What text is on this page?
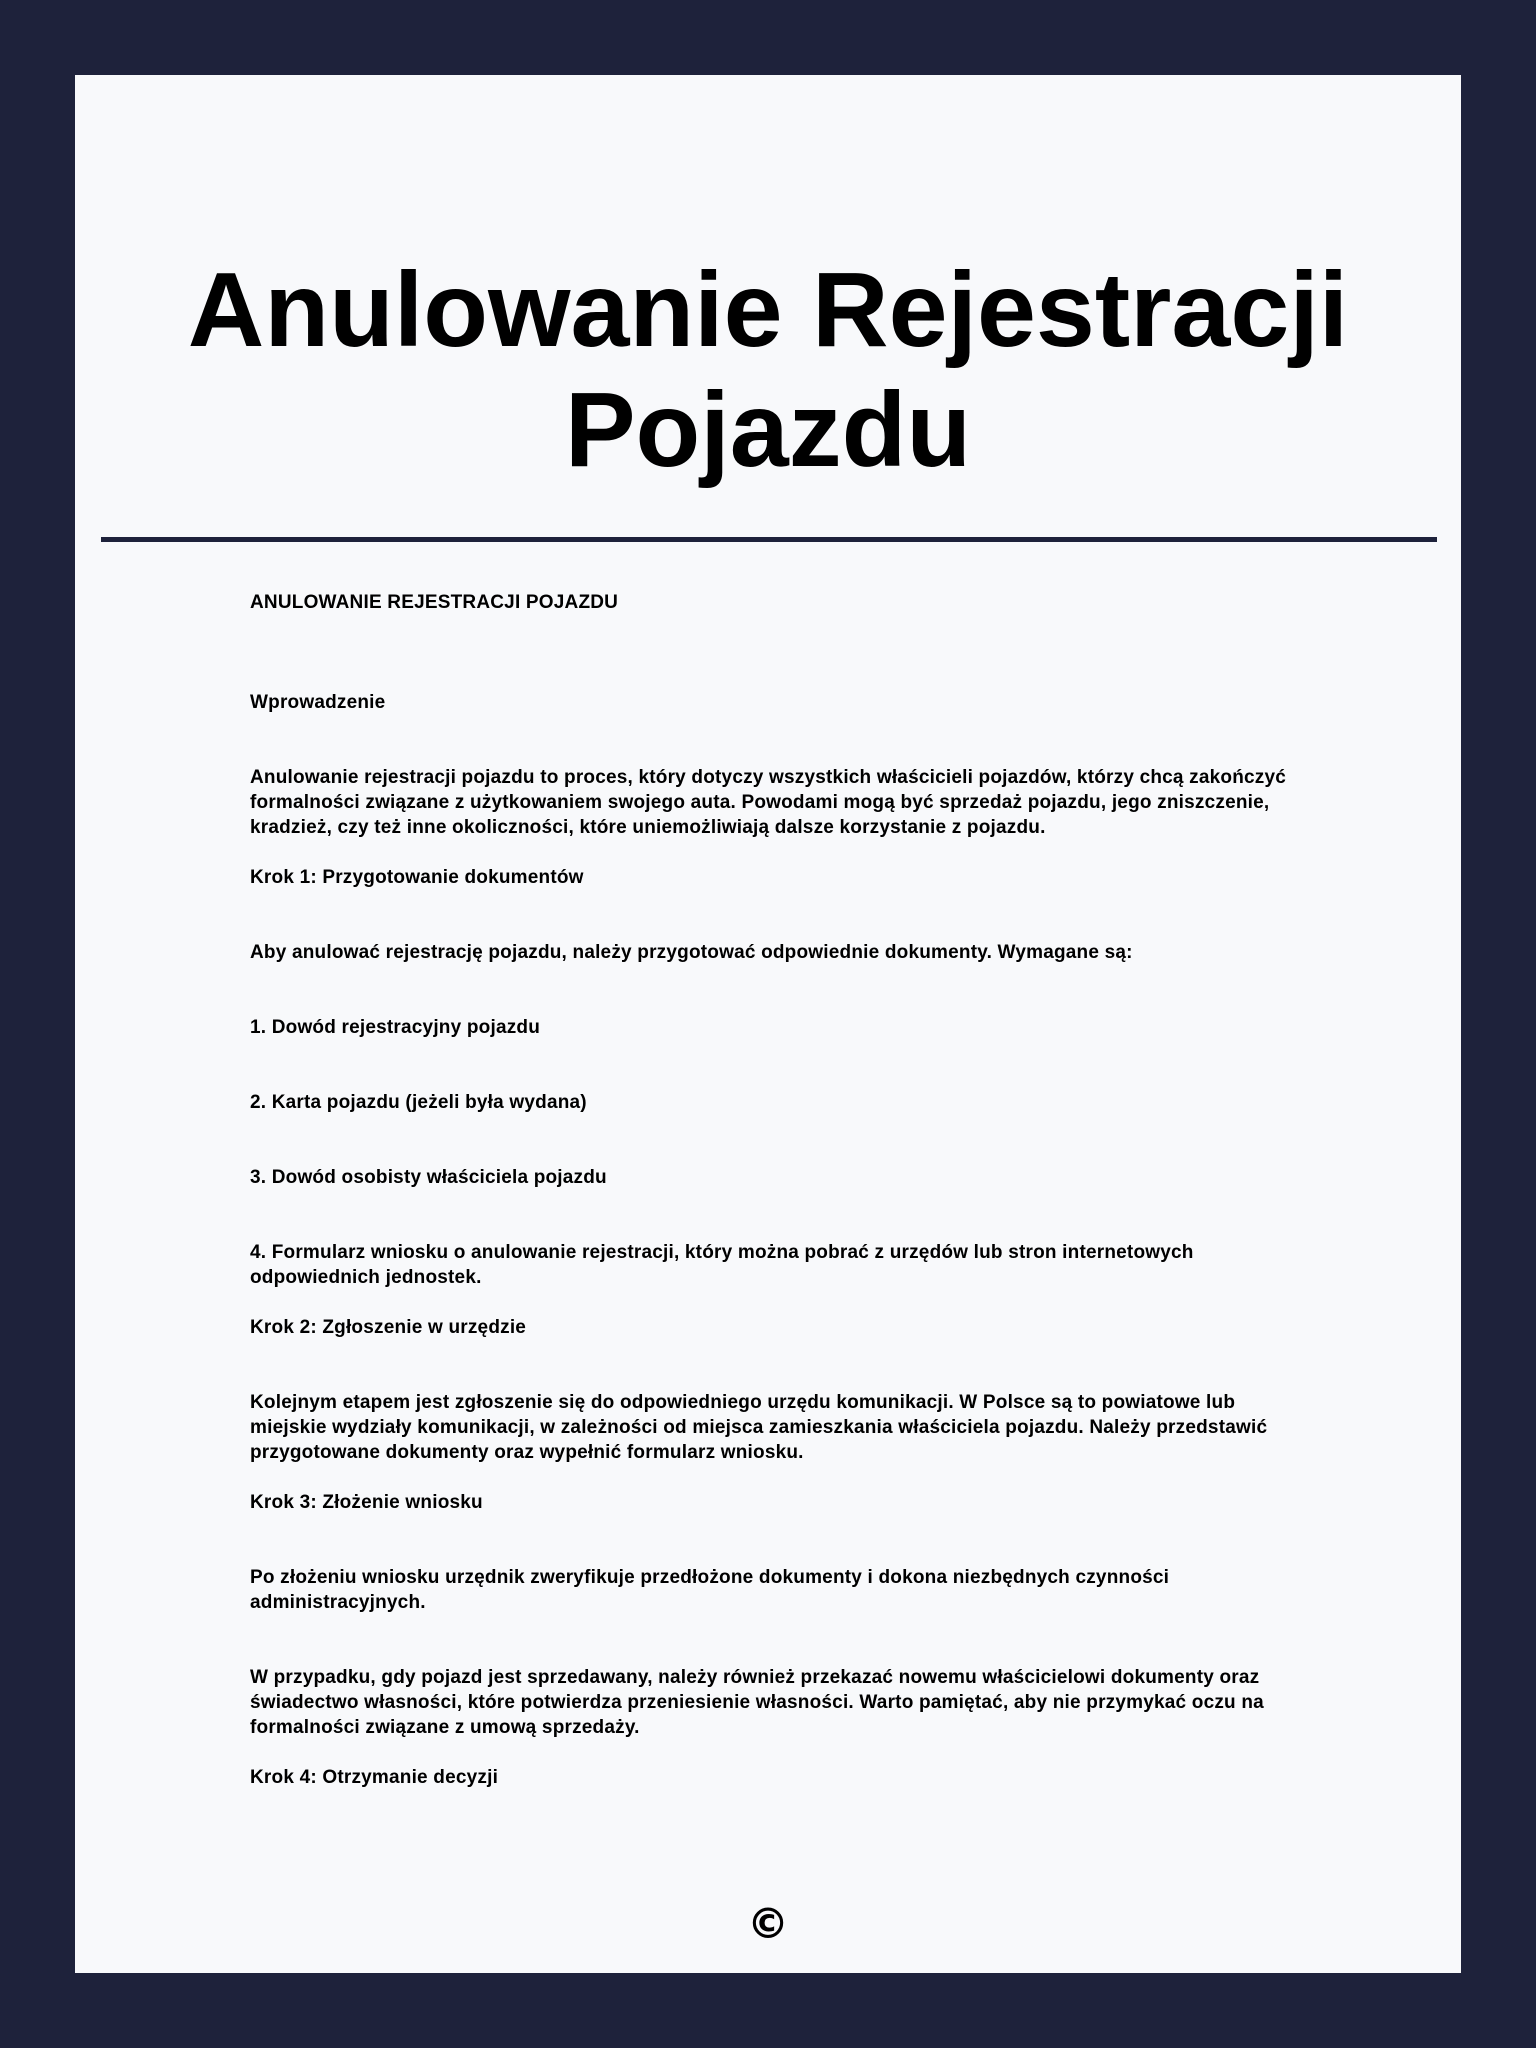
Anulowanie Rejestracji Pojazdu

ANULOWANIE REJESTRACJI POJAZDU

Wprowadzenie

Anulowanie rejestracji pojazdu to proces, który dotyczy wszystkich właścicieli pojazdów, którzy chcą zakończyć formalności związane z użytkowaniem swojego auta. Powodami mogą być sprzedaż pojazdu, jego zniszczenie, kradzież, czy też inne okoliczności, które uniemożliwiają dalsze korzystanie z pojazdu.

Krok 1: Przygotowanie dokumentów

Aby anulować rejestrację pojazdu, należy przygotować odpowiednie dokumenty. Wymagane są:

1. Dowód rejestracyjny pojazdu

2. Karta pojazdu (jeżeli była wydana)

3. Dowód osobisty właściciela pojazdu

4. Formularz wniosku o anulowanie rejestracji, który można pobrać z urzędów lub stron internetowych odpowiednich jednostek.

Krok 2: Zgłoszenie w urzędzie

Kolejnym etapem jest zgłoszenie się do odpowiedniego urzędu komunikacji. W Polsce są to powiatowe lub miejskie wydziały komunikacji, w zależności od miejsca zamieszkania właściciela pojazdu. Należy przedstawić przygotowane dokumenty oraz wypełnić formularz wniosku.

Krok 3: Złożenie wniosku

Po złożeniu wniosku urzędnik zweryfikuje przedłożone dokumenty i dokona niezbędnych czynności administracyjnych.

W przypadku, gdy pojazd jest sprzedawany, należy również przekazać nowemu właścicielowi dokumenty oraz świadectwo własności, które potwierdza przeniesienie własności. Warto pamiętać, aby nie przymykać oczu na formalności związane z umową sprzedaży.

Krok 4: Otrzymanie decyzji

©
